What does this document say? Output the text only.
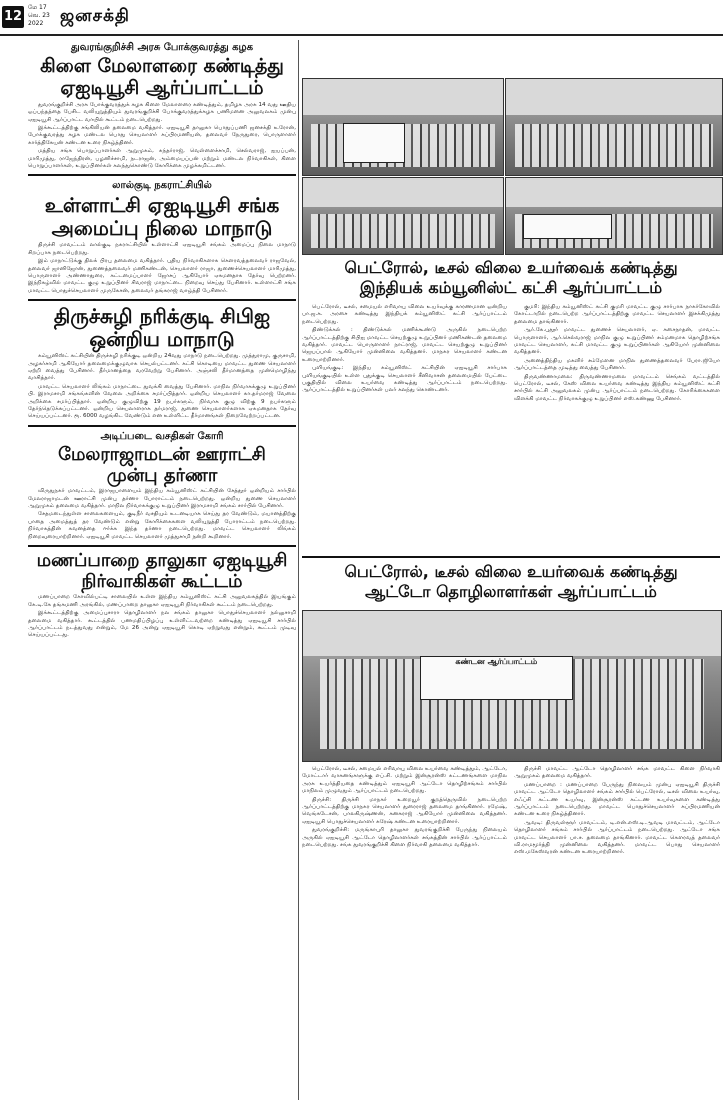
12
மே 17
வெ. 23
2022 ஜனசக்தி
துவரங்குறிச்சி அரசு போக்குவரத்து கழக
கிளை மேலாளரை கண்டித்து
ஏஐடியூசி ஆர்ப்பாட்டம்

துவரங்குறிச்சி அரசு போக்குவரத்துக் கழக கிளை மேலாளரை கண்டித்தும், தமிழக அரசு 14 வது ஊதிய ஒப்பந்தத்தை பேசிட வலியுறுத்தியும் துவரங்குறிச்சி போக்குவரத்துக்கழக பணிமனை அலுவலகம் முன்பு ஏஐடியூசி ஆர்ப்பாட்ட வாயில் கூட்டம் நடைபெற்றது.

இக்கூட்டத்திற்கு சங்கிலியன் தலைமை வகித்தார். ஏஐடியூசி தாலுகா பொதுப்பணி ஜனசக்தி உரோன், போக்குவரத்து கழக மண்டல பொது செயலாளர் சுப்பிரமணியன், தலைவர் நேருதுரை, பொருளாளர் கார்த்திகேயன் கண்டன உரை நிகழ்த்தினர்.

மத்திய சங்க பொறுப்பாளர்கள் ஆறுமுகம், சுந்தர்ராஜ், வெள்ளைச்சாமி, செல்வராஜ், ஐயப்பன், மாரிமுத்து, ராஜேந்திரன், பழனிச்சாமி, நடராஜன், அம்மையப்பன் மற்றும் மண்டல நிர்வாகிகள், கிளை பொறுப்பாளர்கள், உறுப்பினர்கள் கலந்துகொண்டு கோரிக்கை முழக்கமிட்டனர்.

லால்குடி நகராட்சியில்
உள்ளாட்சி ஏஐடியூசி சங்க
அமைப்பு நிலை மாநாடு

திருச்சி மாவட்டம் லால்குடி நகராட்சியில் உள்ளாட்சி ஏஐடியூசி சங்கம் அமைப்பு நிலை மாநாடு சிறப்பாக நடைபெற்றது.

இம் மாநாட்டுக்கு திலக் பிரபு தலைமை வகித்தார். புதிய நிர்வாகிகளாக கௌரவத்தலைவர் ராஜவேல், தலைவர் ஜானிஜோன், துணைத்தலைவர் மணிகண்டன், செயலாளர் ராஜா, துணைச்செயலாளர் மாரிமுத்து, பொருளாளர் அண்ணாதுரை, கட்டமைப்பாளர் ஜோசப் ஆகியோர் ஏகமனதாக தேர்வு பெற்றனர். இந்நிகழ்வில் மாவட்ட குழு உறுப்பினர் சிவராஜ் மாநாட்டை நிறைவு செய்து பேசினார். உள்ளாட்சி சங்க மாவட்ட பொதுச்செயலாளர் முருகேசன், தலைவர் தங்கராஜ் வாழ்த்தி பேசினார்.

திருச்சுழி நரிக்குடி சிபிஐ
ஒன்றிய மாநாடு

கம்யூனிஸ்ட் கட்சியின் திருச்சுழி நரிக்குடி ஒன்றிய 24வது மாநாடு நடைபெற்றது. முத்துராமு, குருசாமி, அழகர்சாமி ஆகியோர் தலைமைக்குழுவாக செயல்பட்டனர். கட்சி கொடியை மாவட்ட துணை செயலாளர் ஏற்றி வைத்து பேசினார். தீர்மானத்தை வரவேற்று பேசினார். அஞ்சலி தீர்மானத்தை முன்மொழிந்து வாசித்தார்.

மாவட்ட செயலாளர் லிங்கம் மாநாட்டை துவக்கி வைத்து பேசினார். மாநில நிர்வாகக்குழு உறுப்பினர் பி. இராமசாமி சங்கங்களின் வேலை அறிக்கை சமர்ப்பித்தார். ஒன்றிய செயலாளர் கா.தர்மராஜ் வேலை அறிக்கை சமர்ப்பித்தார். ஒன்றிய குழுவிற்கு 19 நபர்களும், நிர்வாக குழு விற்கு 9 நபர்களும் தேர்ந்தெடுக்கப்பட்டனர். ஒன்றிய செயலாளராக தர்மராஜ், துணை செயலாளர்களாக ஏகமனதாக தேர்வு செய்யப்பட்டனர். ரூ. 6000 வழங்கிட வேண்டும் என உள்ளிட்ட தீர்மானங்கள் நிறைவேற்றப்பட்டன.

அடிப்படை வசதிகள் கோரி
மேலராஜாமடன் ஊராட்சி
முன்பு தர்ணா

விருதுநகர் மாவட்டம், இராஜபாளையம் இந்திய கம்யூனிஸ்ட் கட்சியின் சேத்தூர் ஒன்றியம் சார்பில் மேலராஜாமடன் ஊராட்சி முன்பு தர்ணா போராட்டம் நடைபெற்றது. ஒன்றிய துணை செயலாளர் ஆறுமுகம் தலைமை வகித்தார். மாநில நிர்வாகக்குழு உறுப்பினர் இராமசாமி சங்கம் சார்பில் பேசினார்.

சேதமடைந்துள்ள சாலைகளையும், குடிநீர் வசதியும் உடனடியாக செய்து தர வேண்டும், மயானத்திற்கு பாதை அமைத்துத் தர வேண்டும் என்று கோரிக்கைகளை வலியுறுத்தி போராட்டம் நடைபெற்றது. நிர்வாகத்தின் கவனத்தை ஈர்க்க இந்த தர்ணா நடைபெற்றது. மாவட்ட செயலாளர் லிங்கம் நிறைவுரையாற்றினார். ஏஐடியூசி மாவட்ட செயலாளர் முத்துசாமி நன்றி கூறினார்.

மணப்பாறை தாலுகா ஏஐடியூசி
நிர்வாகிகள் கூட்டம்

மணப்பாறை கோவில்பட்டி சாலையில் உள்ள இந்திய கம்யூனிஸ்ட் கட்சி அலுவலகத்தில் இயங்கும் கே.டி.கே தங்கமணி அரங்கில், மணப்பாறை தாலுகா ஏஐடியூசி நிர்வாகிகள் கூட்டம் நடைபெற்றது.

இக்கூட்டத்திற்கு அமைப்புசாரா தொழிலாளர் நல சங்கம் தாலுகா பொதுச்செயலாளர் நல்லுசாமி தலைமை வகித்தார். கூட்டத்தில் பணமதிப்பிழப்பு உள்ளிட்டவற்றை கண்டித்து ஏஐடியூசி சார்பில் ஆர்ப்பாட்டம் நடத்துவது என்றும், மே 26 அன்று ஏஐடியூசி கொடி ஏற்றுவது என்றும், கூட்டம் முடிவு செய்யப்பட்டது.

பெட்ரோல், டீசல் விலை உயர்வைக் கண்டித்து
இந்தியக் கம்யூனிஸ்ட் கட்சி ஆர்ப்பாட்டம்

பெட்ரோல், டீசல், சமையல் எரிவாயு விலை உயர்வுக்கு காரணமான ஒன்றிய பா.ஜ.க. அரசை கண்டித்து இந்தியக் கம்யூனிஸ்ட் கட்சி ஆர்ப்பாட்டம் நடைபெற்றது.

திண்டுக்கல் : திண்டுக்கல் மணிக்கூண்டு அருகில் நடைபெற்ற ஆர்ப்பாட்டத்திற்கு சிபிஐ மாவட்ட செயற்குழு உறுப்பினர் மணிகண்டன் தலைமை வகித்தார். மாவட்ட பொருளாளர் நாட்ராஜ், மாவட்ட செயற்குழு உறுப்பினர் ஜெயப்பால் ஆகியோர் முன்னிலை வகித்தனர். மாநகர செயலாளர் கண்டன உரையாற்றினார்.

புளியங்குடி: இந்திய கம்யூனிஸ்ட் கட்சியின் ஏஐடியூசி சார்பாக புளியங்குடியில் உள்ள புதுக்குடி செயலாளர் சீனிவாசன் தலைமையில் பேட்டை பகுதியில் விலை உயர்வை கண்டித்து ஆர்ப்பாட்டம் நடைபெற்றது. ஆர்ப்பாட்டத்தில் உறுப்பினர்கள் பலர் கலந்து கொண்டனர்.

குமரி: இந்திய கம்யூனிஸ்ட் கட்சி குமரி மாவட்ட குழு சார்பாக நாகர்கோவில் கோட்டாறில் நடைபெற்ற ஆர்ப்பாட்டத்திற்கு மாவட்ட செயலாளர் இசக்கிமுத்து தலைமை தாங்கினார்.

ஆர்.கே.புதூர் மாவட்ட துணைச் செயலாளர், ஏ. சுசைநாதன், மாவட்ட பொருளாளர், ஆர்.செல்வராஜ் மாநில குழு உறுப்பினர் சம்மனமாக தொழிற்சங்க மாவட்ட செயலாளர், கட்சி மாவட்ட குழு உறுப்பினர்கள் ஆகியோர் முன்னிலை வகித்தனர்.

அனைத்திந்திய மகளிர் சம்மேளன மாநில துணைத்தலைவர் பேரா.ஜியோ ஆர்ப்பாட்டத்தை முடித்து வைத்து பேசினார்.

திருவண்ணாமலை: திருவண்ணாமலை மாவட்டம் செங்கம் வட்டத்தில் பெட்ரோல், டீசல், கேஸ் விலை உயர்வை கண்டித்து இந்திய கம்யூனிஸ்ட் கட்சி சார்பில் கட்சி அலுவலகம் முன்பு ஆர்ப்பாட்டம் நடைபெற்றது. கோரிக்கைகளை விளக்கி மாவட்ட நிர்வாகக்குழு உறுப்பினர் எஸ்.கண்ணு பேசினார்.

பெட்ரோல், டீசல் விலை உயர்வைக் கண்டித்து
ஆட்டோ தொழிலாளர்கள் ஆர்ப்பாட்டம்
கண்டன ஆர்ப்பாட்டம்

பெட்ரோல், டீசல், சமையல் எரிவாயு விலை உயர்வை கண்டித்தும், ஆட்டோ, மோட்டார் வாகனங்களுக்கு எப்.சி. மற்றும் இன்சூரன்ஸ் கட்டணங்களை மாநில அரசு உயர்த்தியதை கண்டித்தும் ஏஐடியூசி ஆட்டோ தொழிற்சங்கம் சார்பில் மாநிலம் முழுவதும் ஆர்ப்பாட்டம் நடைபெற்றது.

திருச்சி: திருச்சி மாநகர் உறையூர் குறத்தெருவில் நடைபெற்ற ஆர்ப்பாட்டத்திற்கு மாநகர செயலாளர் துரைராஜ் தலைமை தாங்கினார். ரமேஷ், வெங்கடேசன், பாலகிருஷ்ணன், கனகராஜ் ஆகியோர் முன்னிலை வகித்தனர். ஏஐடியூசி பொதுச்செயலாளர் சுரேஷ் கண்டன உரையாற்றினார்.

துவரங்குறிச்சி: மருங்காபுரி தாலுகா துவரங்குறிச்சி பேருந்து நிலையம் அருகில் ஏஐடியூசி ஆட்டோ தொழிலாளர்கள் சங்கத்தின் சார்பில் ஆர்ப்பாட்டம் நடைபெற்றது. சங்க துவரங்குறிச்சி கிளை நிர்வாகி தலைமை வகித்தார்.

திருச்சி மாவட்ட ஆட்டோ தொழிலாளர் சங்க மாவட்ட கிளை நிர்வாகி ஆறுமுகம் தலைமை வகித்தார்.

மணப்பாறை : மணப்பாறை பேருந்து நிலையம் முன்பு ஏஐடியூசி திருச்சி மாவட்ட ஆட்டோ தொழிலாளர் சங்கம் சார்பில் பெட்ரோல், டீசல் விலை உயர்வு, எஃப்சி கட்டண உயர்வு, இன்சூரன்ஸ் கட்டண உயர்வுகளை கண்டித்து ஆர்ப்பாட்டம் நடைபெற்றது. மாவட்ட பொதுச்செயலாளர் சுப்பிரமணியன் கண்டன உரை நிகழ்த்தினார்.

ஆவடி: திருவள்ளூர் மாவட்டம், டி.என்.எஸ்.டி.ஆவடி மாவட்டம், ஆட்டோ தொழிலாளர் சங்கம் சார்பில் ஆர்ப்பாட்டம் நடைபெற்றது. ஆட்டோ சங்க மாவட்ட செயலாளர் பா.ச. தலைமை தாங்கினார். மாவட்ட கௌரவத் தலைவர் வி.ராமமூர்த்தி முன்னிலை வகித்தனர். மாவட்ட பொது செயலாளர் எஸ்.மகேஸ்வரன் கண்டன உரையாற்றினார்.
